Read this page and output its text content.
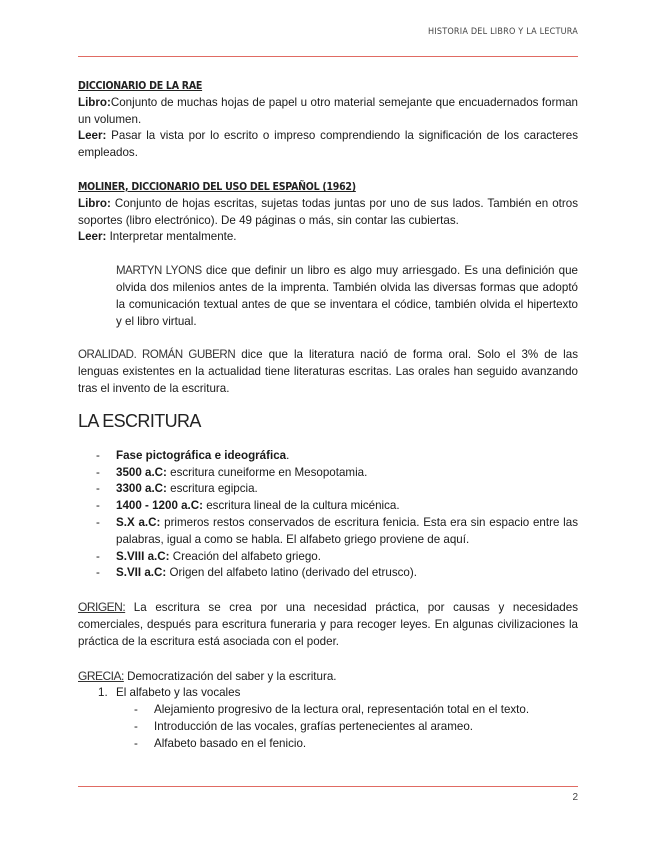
HISTORIA DEL LIBRO Y LA LECTURA
DICCIONARIO DE LA RAE

Libro:Conjunto de muchas hojas de papel u otro material semejante que encuadernados forman un volumen.

Leer: Pasar la vista por lo escrito o impreso comprendiendo la significación de los caracteres empleados.

MOLINER, DICCIONARIO DEL USO DEL ESPAÑOL (1962)

Libro: Conjunto de hojas escritas, sujetas todas juntas por uno de sus lados. También en otros soportes (libro electrónico). De 49 páginas o más, sin contar las cubiertas.

Leer: Interpretar mentalmente.

MARTYN LYONS dice que definir un libro es algo muy arriesgado. Es una definición que olvida dos milenios antes de la imprenta. También olvida las diversas formas que adoptó la comunicación textual antes de que se inventara el códice, también olvida el hipertexto y el libro virtual.

ORALIDAD. ROMÁN GUBERN dice que la literatura nació de forma oral. Solo el 3% de las lenguas existentes en la actualidad tiene literaturas escritas. Las orales han seguido avanzando tras el invento de la escritura.

LA ESCRITURA
- Fase pictográfica e ideográfica.
- 3500 a.C: escritura cuneiforme en Mesopotamia.
- 3300 a.C: escritura egipcia.
- 1400 - 1200 a.C: escritura lineal de la cultura micénica.
- S.X a.C: primeros restos conservados de escritura fenicia. Esta era sin espacio entre las palabras, igual a como se habla. El alfabeto griego proviene de aquí.
- S.VIII a.C: Creación del alfabeto griego.
- S.VII a.C: Origen del alfabeto latino (derivado del etrusco).

ORIGEN: La escritura se crea por una necesidad práctica, por causas y necesidades comerciales, después para escritura funeraria y para recoger leyes. En algunas civilizaciones la práctica de la escritura está asociada con el poder.

GRECIA: Democratización del saber y la escritura.

1. El alfabeto y las vocales
- Alejamiento progresivo de la lectura oral, representación total en el texto.
- Introducción de las vocales, grafías pertenecientes al arameo.
- Alfabeto basado en el fenicio.
2
